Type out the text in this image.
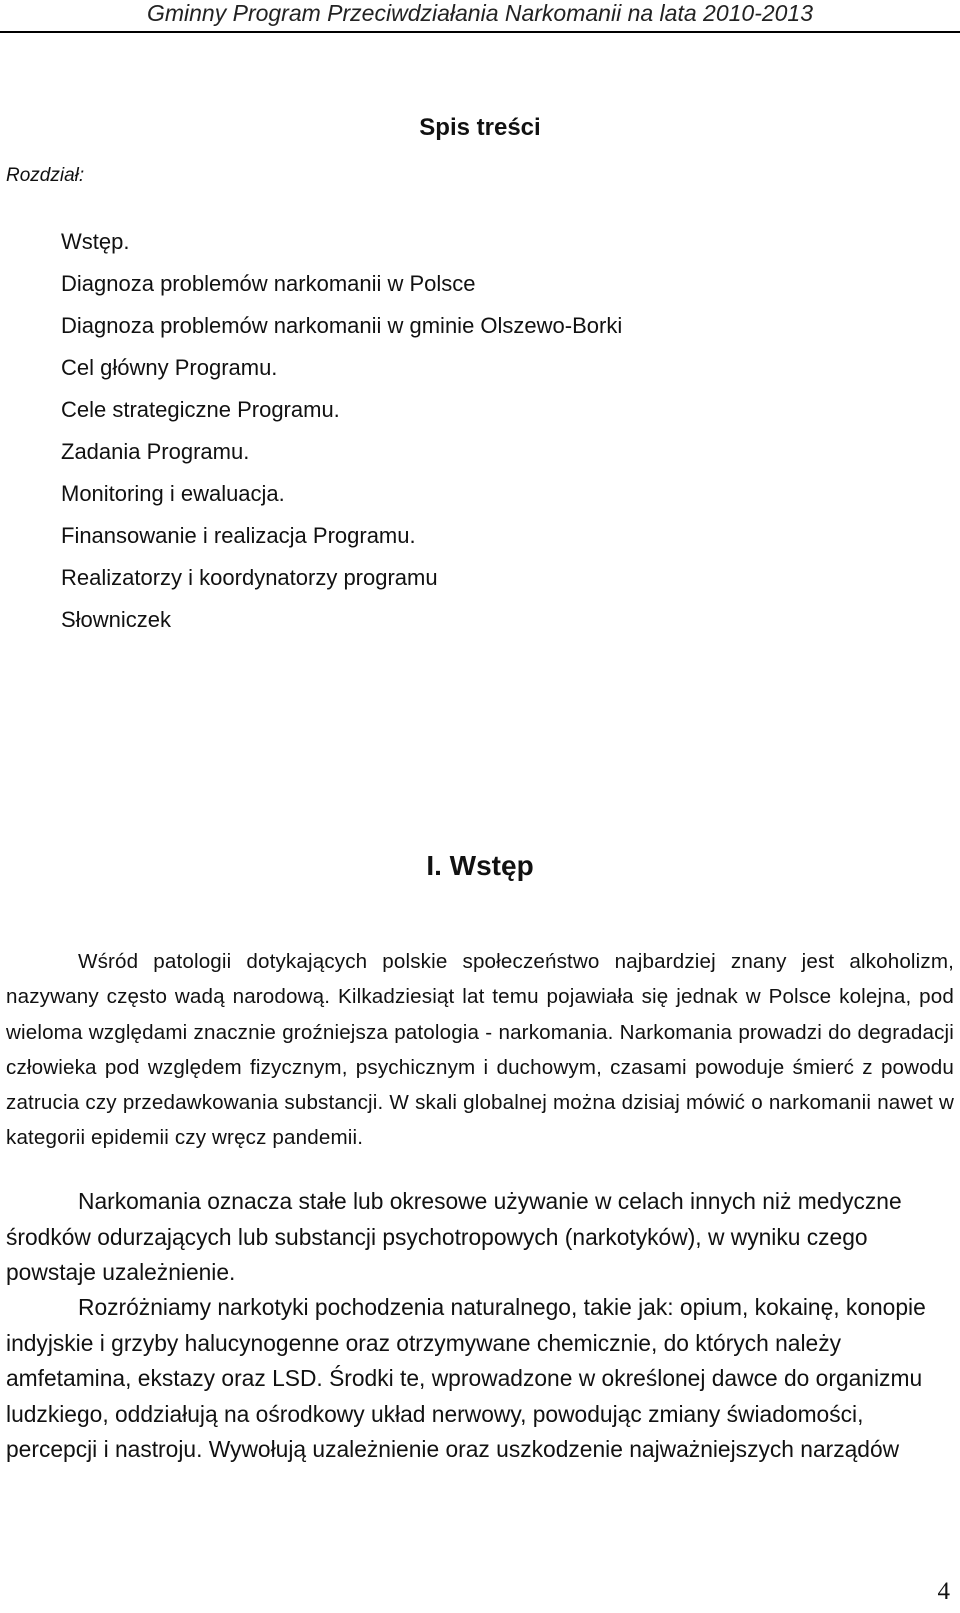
Gminny Program Przeciwdziałania Narkomanii na lata 2010-2013
Spis treści
Rozdział:
Wstęp.
Diagnoza problemów narkomanii w Polsce
Diagnoza problemów narkomanii w gminie Olszewo-Borki
Cel główny Programu.
Cele strategiczne Programu.
Zadania Programu.
Monitoring i ewaluacja.
Finansowanie i realizacja Programu.
Realizatorzy i koordynatorzy programu
Słowniczek
I. Wstęp

Wśród patologii dotykających polskie społeczeństwo najbardziej znany jest alkoholizm, nazywany często wadą narodową. Kilkadziesiąt lat temu pojawiała się jednak w Polsce kolejna, pod wieloma względami znacznie groźniejsza patologia - narkomania. Narkomania prowadzi do degradacji człowieka pod względem fizycznym, psychicznym i duchowym, czasami powoduje śmierć z powodu zatrucia czy przedawkowania substancji. W skali globalnej można dzisiaj mówić o narkomanii nawet w kategorii epidemii czy wręcz pandemii.

Narkomania oznacza stałe lub okresowe używanie w celach innych niż medyczne środków odurzających lub substancji psychotropowych (narkotyków), w wyniku czego powstaje uzależnienie.

Rozróżniamy narkotyki pochodzenia naturalnego, takie jak: opium, kokainę, konopie indyjskie i grzyby halucynogenne oraz otrzymywane chemicznie, do których należy amfetamina, ekstazy oraz LSD. Środki te, wprowadzone w określonej dawce do organizmu ludzkiego, oddziałują na ośrodkowy układ nerwowy, powodując zmiany świadomości, percepcji i nastroju. Wywołują uzależnienie oraz uszkodzenie najważniejszych narządów

4
